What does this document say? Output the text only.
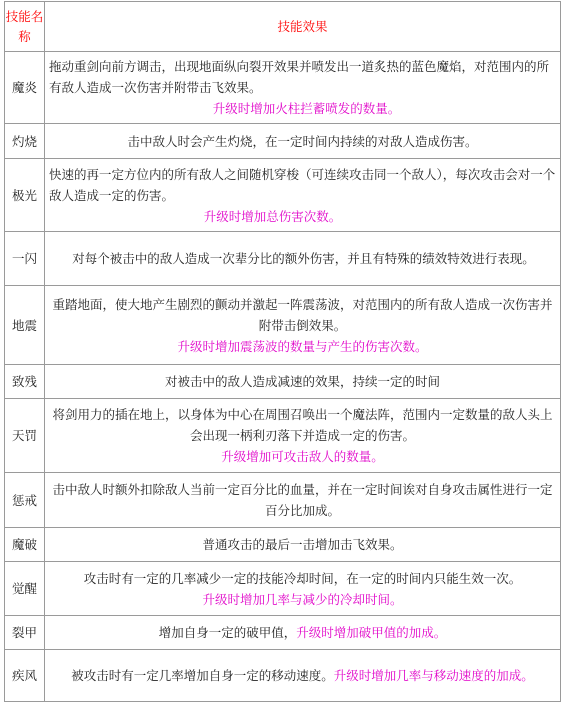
技能名称	技能效果
魔炎	拖动重剑向前方调击，出现地面纵向裂开效果并喷发出一道炙热的蓝色魔焰，对范围内的所有敌人造成一次伤害并附带击飞效果。

升级时增加火柱拦蓄喷发的数量。

灼烧	击中敌人时会产生灼烧，在一定时间内持续的对敌人造成伤害。
极光	快速的再一定方位内的所有敌人之间随机穿梭（可连续攻击同一个敌人），每次攻击会对一个敌人造成一定的伤害。

升级时增加总伤害次数。

一闪	对每个被击中的敌人造成一次辈分比的额外伤害，并且有特殊的绩效特效进行表现。
地震	重踏地面，使大地产生剧烈的颤动并激起一阵震荡波，对范围内的所有敌人造成一次伤害并附带击倒效果。
升级时增加震荡波的数量与产生的伤害次数。
致残	对被击中的敌人造成减速的效果，持续一定的时间
天罚	将剑用力的插在地上，以身体为中心在周围召唤出一个魔法阵，范围内一定数量的敌人头上会出现一柄利刃落下并造成一定的伤害。
升级增加可攻击敌人的数量。
惩戒	击中敌人时额外扣除敌人当前一定百分比的血量，并在一定时间诶对自身攻击属性进行一定百分比加成。
魔破	普通攻击的最后一击增加击飞效果。
觉醒	攻击时有一定的几率减少一定的技能冷却时间，在一定的时间内只能生效一次。
升级时增加几率与减少的冷却时间。
裂甲	增加自身一定的破甲值，升级时增加破甲值的加成。
疾风	被攻击时有一定几率增加自身一定的移动速度。升级时增加几率与移动速度的加成。
